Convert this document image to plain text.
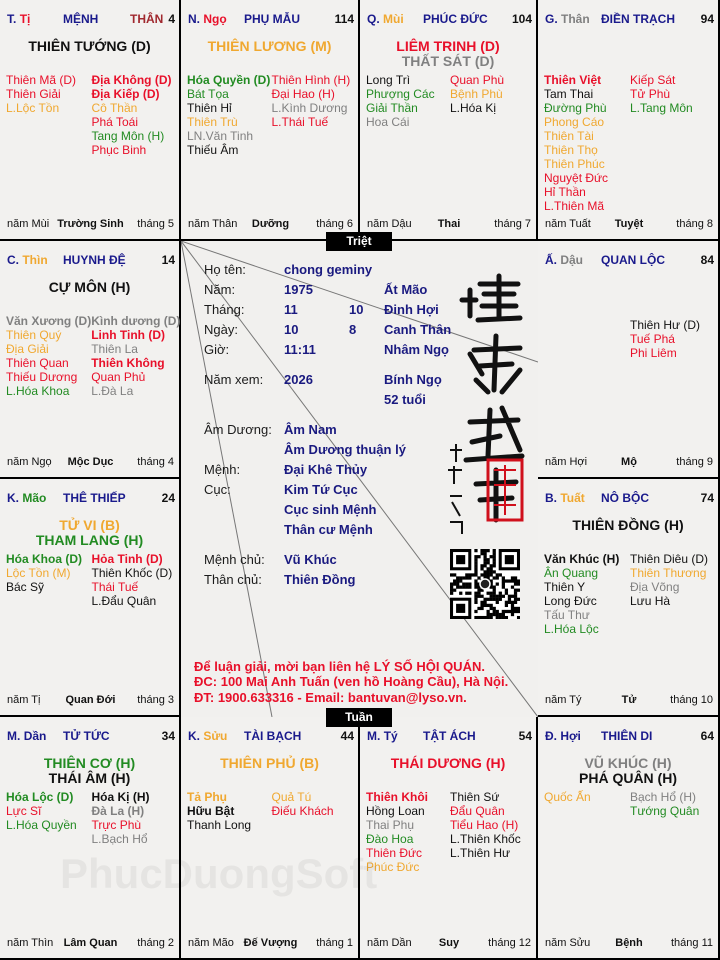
T. Tị	MỆNH	THÂN 4
THIÊN TƯỚNG (D)
Thiên Mã (D)
Thiên Giải
L.Lộc Tồn
Địa Không (D)
Địa Kiếp (D)
Cô Thần
Phá Toái
Tang Môn (H)
Phục Binh
năm Mùi Trường Sinh	tháng 5
N. Ngọ PHỤ MẪU	114
THIÊN LƯƠNG (M)
Hóa Quyền (D)
Bát Tọa
Thiên Hỉ
Thiên Trù
LN.Văn Tinh
Thiếu Âm
Thiên Hình (H)
Đại Hao (H)
L.Kình Dương
L.Thái Tuế
năm Thân	Dưỡng	tháng 6
Q. Mùi PHÚC ĐỨC 104
LIÊM TRINH (D)
THẤT SÁT (D)
Long Trì
Phượng Các
Giải Thần
Hoa Cái
Quan Phù
Bệnh Phù
L.Hóa Kị
năm Dậu	Thai	tháng 7
G. Thân ĐIỀN TRẠCH 94
Thiên Việt
Tam Thai
Đường Phù
Phong Cáo
Thiên Tài
Thiên Thọ
Thiên Phúc
Nguyệt Đức
Hỉ Thần
L.Thiên Mã
Kiếp Sát
Tử Phù
L.Tang Môn
năm Tuất	Tuyệt	tháng 8
C. Thìn HUYNH ĐỆ	14
CỰ MÔN (H)
Văn Xương (D)
Thiên Quý
Địa Giải
Thiên Quan
Thiếu Dương
L.Hóa Khoa
Kình dương (D)
Linh Tinh (D)
Thiên La
Thiên Không
Quan Phủ
L.Đà La
năm Ngọ	Mộc Dục	tháng 4
Ấ. Dậu QUAN LỘC	84
Thiên Hư (D)
Tuế Phá
Phi Liêm
năm Hợi	Mộ	tháng 9
K. Mão THÊ THIẾP	24
TỬ VI (B)
THAM LANG (H)
Hóa Khoa (D)
Lộc Tồn (M)
Bác Sỹ
Hỏa Tinh (D)
Thiên Khốc (D)
Thái Tuế
L.Đẩu Quân
năm Tị	Quan Đới	tháng 3
B. Tuất NÔ BỘC	74
THIÊN ĐỒNG (H)
Văn Khúc (H)
Ân Quang
Thiên Y
Long Đức
Tấu Thư
L.Hóa Lộc
Thiên Diêu (D)
Thiên Thương
Địa Võng
Lưu Hà
năm Tý	Tử	tháng 10
M. Dần TỬ TỨC	34
THIÊN CƠ (H)
THÁI ÂM (H)
Hóa Lộc (D)
Lực Sĩ
L.Hóa Quyền
Hóa Kị (H)
Đà La (H)
Trực Phù
L.Bạch Hổ
năm Thìn Lâm Quan	tháng 2
K. Sửu TÀI BẠCH	44
THIÊN PHỦ (B)
Tả Phụ
Hữu Bật
Thanh Long
Quả Tú
Điếu Khách
năm Mão Đế Vượng	tháng 1
M. Tý TẬT ÁCH	54
THÁI DƯƠNG (H)
Thiên Khôi
Hồng Loan
Thai Phụ
Đào Hoa
Thiên Đức
Phúc Đức
Thiên Sứ
Đẩu Quân
Tiểu Hao (H)
L.Thiên Khốc
L.Thiên Hư
năm Dần	Suy	tháng 12
Đ. Hợi THIÊN DI	64
VŨ KHÚC (H)
PHÁ QUÂN (H)
Quốc Ấn	Bạch Hổ (H)
Tướng Quân
năm Sửu	Bệnh	tháng 11
PhucDuongSoft
Họ tên:	chong geminy
Năm:	1975	Ất Mão
Tháng:	11	10 Đinh Hợi
Ngày:	10	8 Canh Thân
Giờ:	11:11	Nhâm Ngọ
Năm xem: 2026	Bính Ngọ
52 tuổi
Âm Dương: Âm Nam
Âm Dương thuận lý
Mệnh:	Đại Khê Thủy
Cục:	Kim Tứ Cục
Cục sinh Mệnh
Thân cư Mệnh
Mệnh chủ: Vũ Khúc
Thân chủ: Thiên Đồng
Để luận giải, mời bạn liên hệ LÝ SỐ HỘI QUÁN.
ĐC: 100 Mai Anh Tuấn (ven hồ Hoàng Cầu), Hà Nội.
ĐT: 1900.633316 - Email: bantuvan@lyso.vn.
Triệt
Tuần
